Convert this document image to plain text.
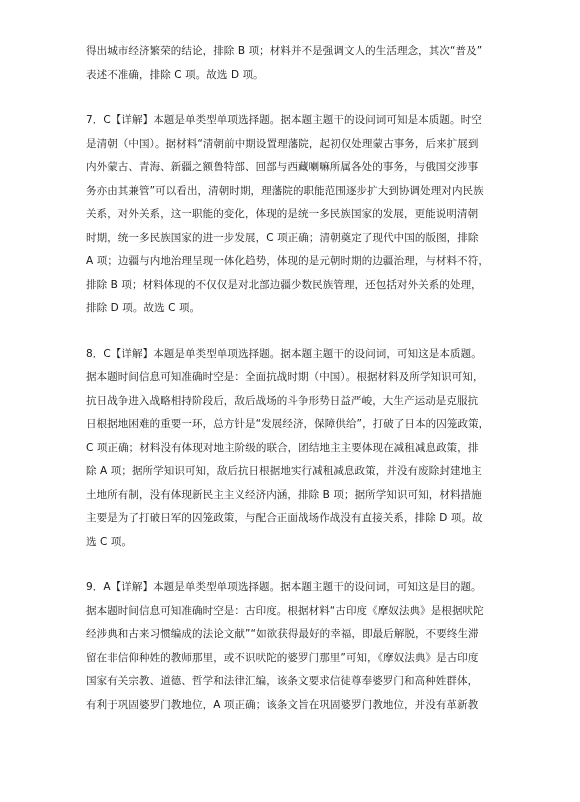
得出城市经济繁荣的结论，排除 B 项；材料并不是强调文人的生活理念，其次“普及”
表述不准确，排除 C 项。故选 D 项。
7．C【详解】本题是单类型单项选择题。据本题主题干的设问词可知是本质题。时空
是清朝（中国）。据材料“清朝前中期设置理藩院，起初仅处理蒙古事务，后来扩展到
内外蒙古、青海、新疆之额鲁特部、回部与西藏喇嘛所属各处的事务，与俄国交涉事
务亦由其兼管”可以看出，清朝时期，理藩院的职能范围逐步扩大到协调处理对内民族
关系，对外关系，这一职能的变化，体现的是统一多民族国家的发展，更能说明清朝
时期，统一多民族国家的进一步发展，C 项正确；清朝奠定了现代中国的版图，排除
A 项；边疆与内地治理呈现一体化趋势，体现的是元朝时期的边疆治理，与材料不符，
排除 B 项；材料体现的不仅仅是对北部边疆少数民族管理，还包括对外关系的处理，
排除 D 项。故选 C 项。
8．C【详解】本题是单类型单项选择题。据本题主题干的设问词，可知这是本质题。
据本题时间信息可知准确时空是：全面抗战时期（中国）。根据材料及所学知识可知，
抗日战争进入战略相持阶段后，敌后战场的斗争形势日益严峻，大生产运动是克服抗
日根据地困难的重要一环，总方针是“发展经济，保障供给”，打破了日本的囚笼政策，
C 项正确；材料没有体现对地主阶级的联合，团结地主主要体现在减租减息政策，排
除 A 项；据所学知识可知，敌后抗日根据地实行减租减息政策，并没有废除封建地主
土地所有制，没有体现新民主主义经济内涵，排除 B 项；据所学知识可知，材料措施
主要是为了打破日军的囚笼政策，与配合正面战场作战没有直接关系，排除 D 项。故
选 C 项。
9．A【详解】本题是单类型单项选择题。据本题主题干的设问词，可知这是目的题。
据本题时间信息可知准确时空是：古印度。根据材料“古印度《摩奴法典》是根据吠陀
经涉典和古来习惯编成的法论文献”“如欲获得最好的幸福，即最后解脱，不要终生滞
留在非信仰种姓的教师那里，或不识吠陀的婆罗门那里”可知，《摩奴法典》是古印度
国家有关宗教、道德、哲学和法律汇编，该条文要求信徒尊奉婆罗门和高种姓群体，
有利于巩固婆罗门教地位，A 项正确；该条文旨在巩固婆罗门教地位，并没有革新教
